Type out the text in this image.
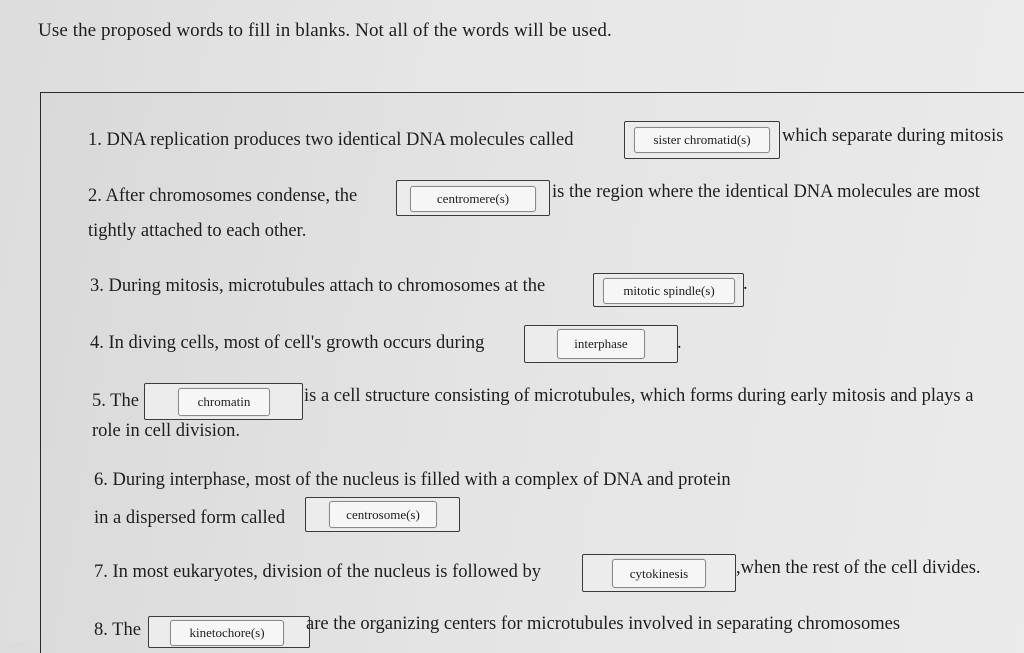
Use the proposed words to fill in blanks. Not all of the words will be used.
1. DNA replication produces two identical DNA molecules called	sister chromatid(s)	which separate during mitosis
2. After chromosomes condense, the	centromere(s)	is the region where the identical DNA molecules are most
tightly attached to each other.
3. During mitosis, microtubules attach to chromosomes at the	mitotic spindle(s)	.
4. In diving cells, most of cell's growth occurs during	interphase	.
5. The	chromatin	is a cell structure consisting of microtubules, which forms during early mitosis and plays a
role in cell division.
6. During interphase, most of the nucleus is filled with a complex of DNA and protein
in a dispersed form called	centrosome(s)
7. In most eukaryotes, division of the nucleus is followed by	cytokinesis	,when the rest of the cell divides.
8. The	kinetochore(s)	are the organizing centers for microtubules involved in separating chromosomes
